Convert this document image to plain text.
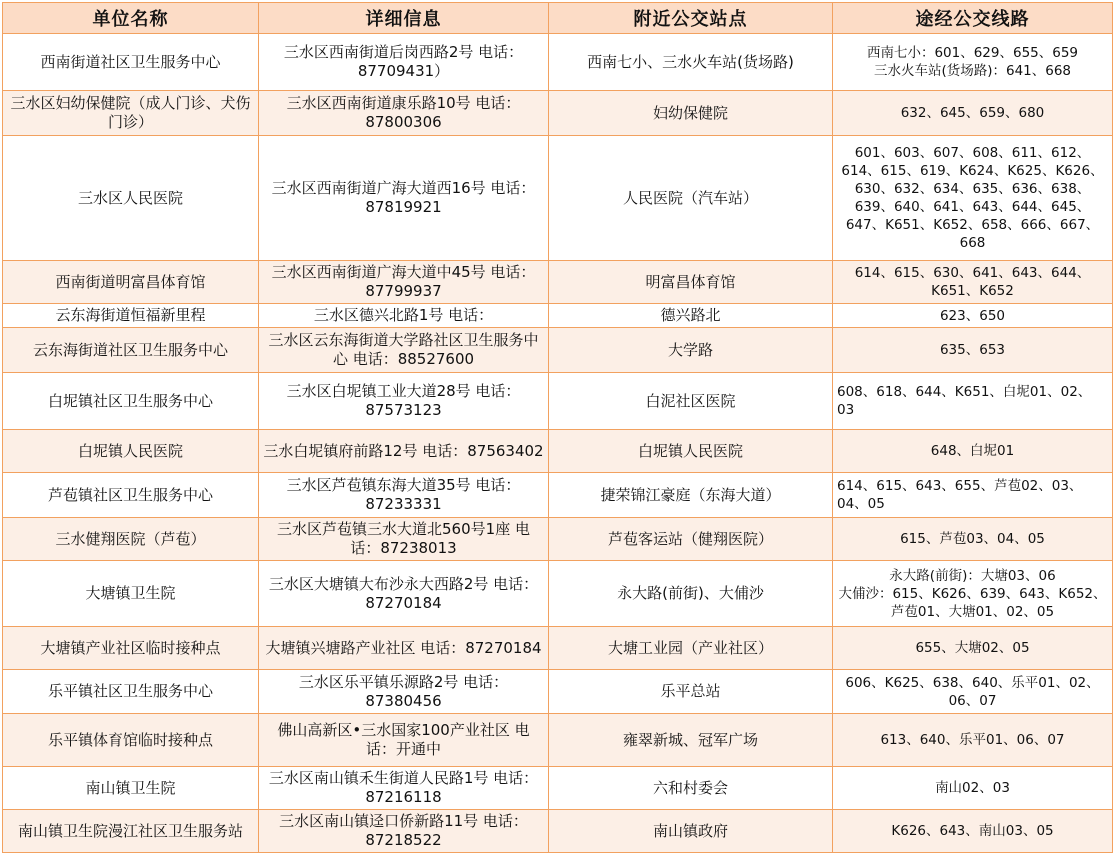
单位名称	详细信息	附近公交站点	途经公交线路
西南街道社区卫生服务中心	三水区西南街道后岗西路2号 电话：87709431）	西南七小、三水火车站(货场路)	西南七小：601、629、655、659
三水火车站(货场路)：641、668
三水区妇幼保健院（成人门诊、犬伤门诊）	三水区西南街道康乐路10号 电话：87800306	妇幼保健院	632、645、659、680
三水区人民医院	三水区西南街道广海大道西16号 电话：87819921	人民医院（汽车站）	601、603、607、608、611、612、614、615、619、K624、K625、K626、630、632、634、635、636、638、639、640、641、643、644、645、647、K651、K652、658、666、667、668
西南街道明富昌体育馆	三水区西南街道广海大道中45号 电话：87799937	明富昌体育馆	614、615、630、641、643、644、K651、K652
云东海街道恒福新里程	三水区德兴北路1号 电话：	德兴路北	623、650
云东海街道社区卫生服务中心	三水区云东海街道大学路社区卫生服务中心 电话：88527600	大学路	635、653
白坭镇社区卫生服务中心	三水区白坭镇工业大道28号 电话：87573123	白泥社区医院	608、618、644、K651、白坭01、02、03
白坭镇人民医院	三水白坭镇府前路12号 电话：87563402	白坭镇人民医院	648、白坭01
芦苞镇社区卫生服务中心	三水区芦苞镇东海大道35号 电话：87233331	捷荣锦江豪庭（东海大道）	614、615、643、655、芦苞02、03、04、05
三水健翔医院（芦苞）	三水区芦苞镇三水大道北560号1座 电话：87238013	芦苞客运站（健翔医院）	615、芦苞03、04、05
大塘镇卫生院	三水区大塘镇大布沙永大西路2号 电话：87270184	永大路(前街)、大俌沙	永大路(前街)：大塘03、06
大俌沙：615、K626、639、643、K652、芦苞01、大塘01、02、05
大塘镇产业社区临时接种点	大塘镇兴塘路产业社区 电话：87270184	大塘工业园（产业社区）	655、大塘02、05
乐平镇社区卫生服务中心	三水区乐平镇乐源路2号 电话：87380456	乐平总站	606、K625、638、640、乐平01、02、06、07
乐平镇体育馆临时接种点	佛山高新区•三水国家100产业社区 电话：开通中	雍翠新城、冠军广场	613、640、乐平01、06、07
南山镇卫生院	三水区南山镇禾生街道人民路1号 电话：87216118	六和村委会	南山02、03
南山镇卫生院漫江社区卫生服务站	三水区南山镇迳口侨新路11号 电话：87218522	南山镇政府	K626、643、南山03、05
